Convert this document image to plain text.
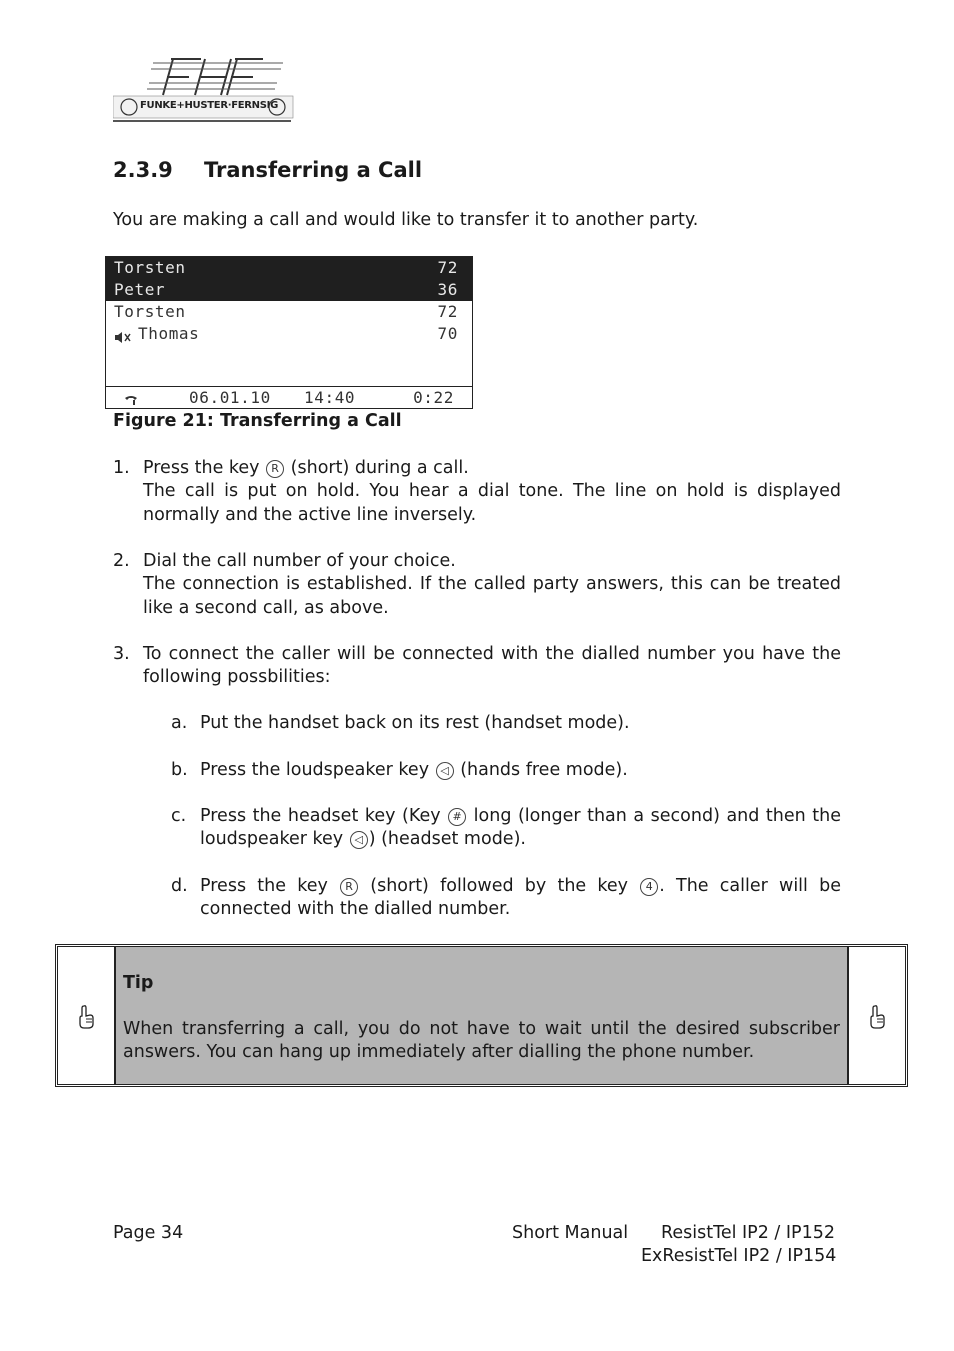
FUNKE+HUSTER·FERNSIG
2.3.9 Transferring a Call

You are making a call and would like to transfer it to another party.

Torsten	72
Peter	36
Torsten	72
Thomas	70
06.01.10 14:40	0:22
Figure 21: Transferring a Call
1. Press the key R (short) during a call.

The call is put on hold. You hear a dial tone. The line on hold is displayed normally and the active line inversely.

2. Dial the call number of your choice.

The connection is established. If the called party answers, this can be treated like a second call, as above.

3. To connect the caller will be connected with the dialled number you have the following possbilities:

a. Put the handset back on its rest (handset mode).

b. Press the loudspeaker key ◁ (hands free mode).

c. Press the headset key (Key # long (longer than a second) and then the loudspeaker key ◁ ) (headset mode).

d. Press the key R (short) followed by the key 4 . The caller will be connected with the dialled number.

Tip

When transferring a call, you do not have to wait until the desired subscriber answers. You can hang up immediately after dialling the phone number.

Page 34	Short Manual ResistTel IP2 / IP152
ExResistTel IP2 / IP154
